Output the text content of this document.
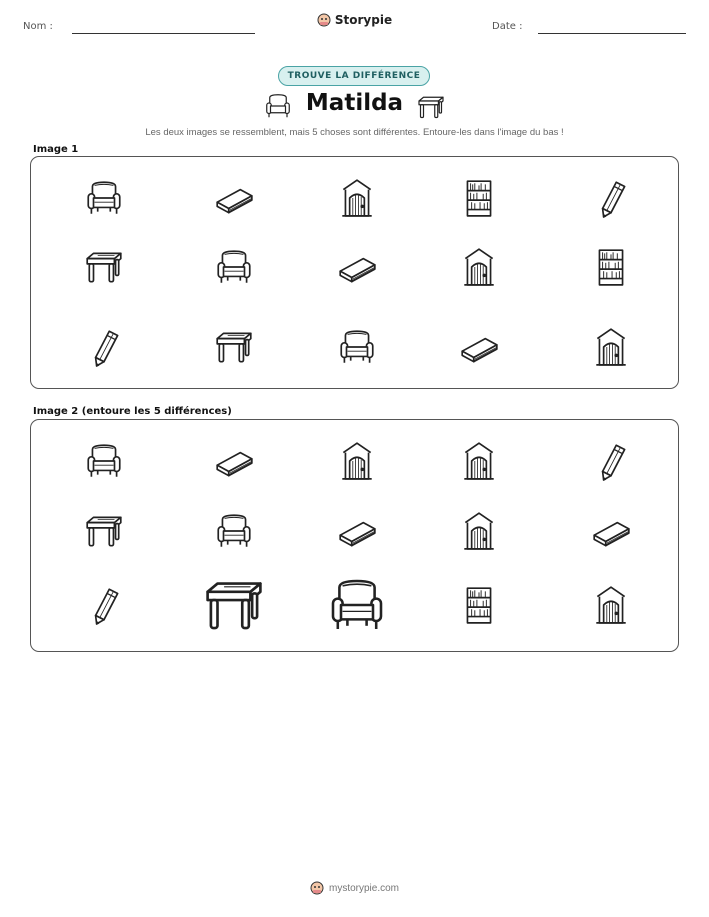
Nom :	Storypie	Date :
TROUVE LA DIFFÉRENCE
Matilda
Les deux images se ressemblent, mais 5 choses sont différentes. Entoure-les dans l'image du bas !
Image 1
Image 2 (entoure les 5 différences)
mystorypie.com
